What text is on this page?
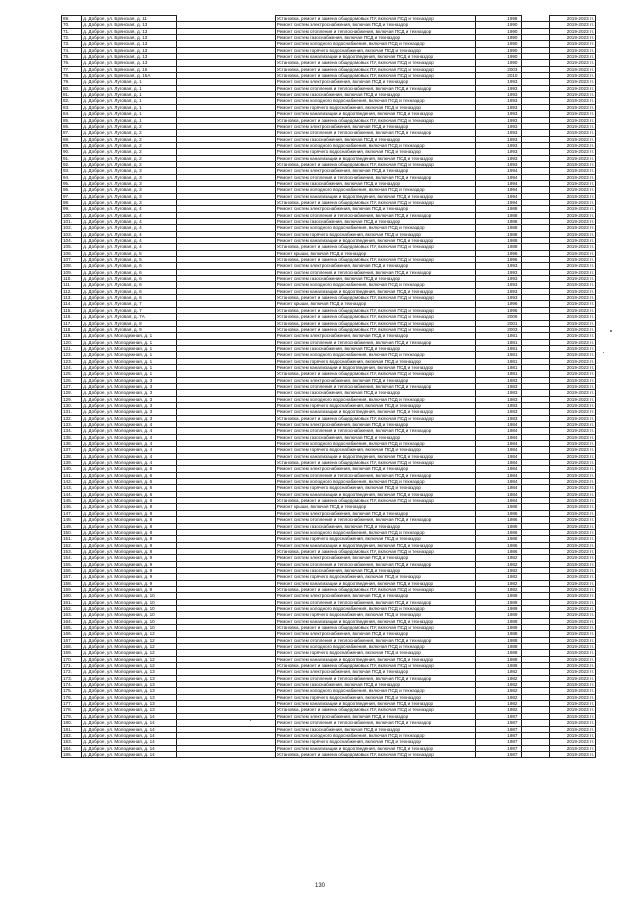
69.	д. Доброе, ул. Брянская, д. 11		Установка, ремонт и замена общедомовых ПУ, включая ПСД и техназдор	1998		2019-2023 гг.
70.	д. Доброе, ул. Брянская, д. 13		Ремонт систем электроснабжения, включая ПСД и техназдор	1990		2019-2023 гг.
71.	д. Доброе, ул. Брянская, д. 13		Ремонт систем отопления и теплоснабжения, включая ПСД и техназдор	1990		2019-2023 гг.
72.	д. Доброе, ул. Брянская, д. 13		Ремонт систем газоснабжения, включая ПСД и техназдор	1990		2019-2023 гг.
73.	д. Доброе, ул. Брянская, д. 13		Ремонт систем холодного водоснабжения, включая ПСД и техназдор	1990		2019-2023 гг.
74.	д. Доброе, ул. Брянская, д. 13		Ремонт систем горячего водоснабжения, включая ПСД и техназдор	1990		2019-2023 гг.
75.	д. Доброе, ул. Брянская, д. 13		Ремонт систем канализации и водоотведения, включая ПСД и техназдор	1990		2019-2023 гг.
76.	д. Доброе, ул. Брянская, д. 13		Установка, ремонт и замена общедомовых ПУ, включая ПСД и техназдор	1990		2019-2023 гг.
77.	д. Доброе, ул. Брянская, д. 15		Установка, ремонт и замена общедомовых ПУ, включая ПСД и техназдор	2003		2019-2023 гг.
78.	д. Доброе, ул. Брянская, д. 15А		Установка, ремонт и замена общедомовых ПУ, включая ПСД и техназдор	2010		2019-2023 гг.
79.	д. Доброе, ул. Луговая, д. 1		Ремонт систем электроснабжения, включая ПСД и техназдор	1993		2019-2023 гг.
80.	д. Доброе, ул. Луговая, д. 1		Ремонт систем отопления и теплоснабжения, включая ПСД и техназдор	1993		2019-2023 гг.
81.	д. Доброе, ул. Луговая, д. 1		Ремонт систем газоснабжения, включая ПСД и техназдор	1993		2019-2023 гг.
82.	д. Доброе, ул. Луговая, д. 1		Ремонт систем холодного водоснабжения, включая ПСД и техназдор	1993		2019-2023 гг.
83.	д. Доброе, ул. Луговая, д. 1		Ремонт систем горячего водоснабжения, включая ПСД и техназдор	1993		2019-2023 гг.
84.	д. Доброе, ул. Луговая, д. 1		Ремонт систем канализации и водоотведения, включая ПСД и техназдор	1993		2019-2023 гг.
85.	д. Доброе, ул. Луговая, д. 1		Установка, ремонт и замена общедомовых ПУ, включая ПСД и техназдор	1993		2019-2023 гг.
86.	д. Доброе, ул. Луговая, д. 2		Ремонт систем электроснабжения, включая ПСД и техназдор	1993		2019-2023 гг.
87.	д. Доброе, ул. Луговая, д. 2		Ремонт систем отопления и теплоснабжения, включая ПСД и техназдор	1993		2019-2023 гг.
88.	д. Доброе, ул. Луговая, д. 2		Ремонт систем газоснабжения, включая ПСД и техназдор	1993		2019-2023 гг.
89.	д. Доброе, ул. Луговая, д. 2		Ремонт систем холодного водоснабжения, включая ПСД и техназдор	1993		2019-2023 гг.
90.	д. Доброе, ул. Луговая, д. 2		Ремонт систем горячего водоснабжения, включая ПСД и техназдор	1993		2019-2023 гг.
91.	д. Доброе, ул. Луговая, д. 2		Ремонт систем канализации и водоотведения, включая ПСД и техназдор	1993		2019-2023 гг.
92.	д. Доброе, ул. Луговая, д. 2		Установка, ремонт и замена общедомовых ПУ, включая ПСД и техназдор	1993		2019-2023 гг.
93.	д. Доброе, ул. Луговая, д. 3		Ремонт систем электроснабжения, включая ПСД и техназдор	1994		2019-2023 гг.
94.	д. Доброе, ул. Луговая, д. 3		Ремонт систем отопления и теплоснабжения, включая ПСД и техназдор	1994		2019-2023 гг.
95.	д. Доброе, ул. Луговая, д. 3		Ремонт систем газоснабжения, включая ПСД и техназдор	1994		2019-2023 гг.
96.	д. Доброе, ул. Луговая, д. 3		Ремонт систем холодного водоснабжения, включая ПСД и техназдор	1994		2019-2023 гг.
97.	д. Доброе, ул. Луговая, д. 3		Ремонт систем канализации и водоотведения, включая ПСД и техназдор	1994		2019-2023 гг.
98.	д. Доброе, ул. Луговая, д. 3		Установка, ремонт и замена общедомовых ПУ, включая ПСД и техназдор	1994		2019-2023 гг.
99.	д. Доброе, ул. Луговая, д. 4		Ремонт систем электроснабжения, включая ПСД и техназдор	1988		2019-2023 гг.
100.	д. Доброе, ул. Луговая, д. 4		Ремонт систем отопления и теплоснабжения, включая ПСД и техназдор	1988		2019-2023 гг.
101.	д. Доброе, ул. Луговая, д. 4		Ремонт систем газоснабжения, включая ПСД и техназдор	1988		2019-2023 гг.
102.	д. Доброе, ул. Луговая, д. 4		Ремонт систем холодного водоснабжения, включая ПСД и техназдор	1988		2019-2023 гг.
103.	д. Доброе, ул. Луговая, д. 4		Ремонт систем горячего водоснабжения, включая ПСД и техназдор	1988		2019-2023 гг.
104.	д. Доброе, ул. Луговая, д. 4		Ремонт систем канализации и водоотведения, включая ПСД и техназдор	1988		2019-2023 гг.
105.	д. Доброе, ул. Луговая, д. 4		Установка, ремонт и замена общедомовых ПУ, включая ПСД и техназдор	1988		2019-2023 гг.
106.	д. Доброе, ул. Луговая, д. 5		Ремонт крыши, включая ПСД и техназдор	1996		2019-2023 гг.
107.	д. Доброе, ул. Луговая, д. 5		Установка, ремонт и замена общедомовых ПУ, включая ПСД и техназдор	1996		2019-2023 гг.
108.	д. Доброе, ул. Луговая, д. 6		Ремонт систем электроснабжения, включая ПСД и техназдор	1993		2019-2023 гг.
109.	д. Доброе, ул. Луговая, д. 6		Ремонт систем отопления и теплоснабжения, включая ПСД и техназдор	1993		2019-2023 гг.
110.	д. Доброе, ул. Луговая, д. 6		Ремонт систем газоснабжения, включая ПСД и техназдор	1993		2019-2023 гг.
111.	д. Доброе, ул. Луговая, д. 6		Ремонт систем холодного водоснабжения, включая ПСД и техназдор	1993		2019-2023 гг.
112.	д. Доброе, ул. Луговая, д. 6		Ремонт систем канализации и водоотведения, включая ПСД и техназдор	1993		2019-2023 гг.
113.	д. Доброе, ул. Луговая, д. 6		Установка, ремонт и замена общедомовых ПУ, включая ПСД и техназдор	1993		2019-2023 гг.
114.	д. Доброе, ул. Луговая, д. 7		Ремонт крыши, включая ПСД и техназдор	1996		2019-2023 гг.
115.	д. Доброе, ул. Луговая, д. 7		Установка, ремонт и замена общедомовых ПУ, включая ПСД и техназдор	1996		2019-2023 гг.
116.	д. Доброе, ул. Луговая, д. 7А		Установка, ремонт и замена общедомовых ПУ, включая ПСД и техназдор	2006		2019-2023 гг.
117.	д. Доброе, ул. Луговая, д. 8		Установка, ремонт и замена общедомовых ПУ, включая ПСД и техназдор	2001		2019-2023 гг.
118.	д. Доброе, ул. Луговая, д. 9		Установка, ремонт и замена общедомовых ПУ, включая ПСД и техназдор	2003		2019-2023 гг.
119.	д. Доброе, ул. Молодежная, д. 1		Ремонт систем электроснабжения, включая ПСД и техназдор	1981		2019-2023 гг.
120.	д. Доброе, ул. Молодежная, д. 1		Ремонт систем отопления и теплоснабжения, включая ПСД и техназдор	1981		2019-2023 гг.
121.	д. Доброе, ул. Молодежная, д. 1		Ремонт систем газоснабжения, включая ПСД и техназдор	1981		2019-2023 гг.
122.	д. Доброе, ул. Молодежная, д. 1		Ремонт систем холодного водоснабжения, включая ПСД и техназдор	1981		2019-2023 гг.
123.	д. Доброе, ул. Молодежная, д. 1		Ремонт систем горячего водоснабжения, включая ПСД и техназдор	1981		2019-2023 гг.
124.	д. Доброе, ул. Молодежная, д. 1		Ремонт систем канализации и водоотведения, включая ПСД и техназдор	1981		2019-2023 гг.
125.	д. Доброе, ул. Молодежная, д. 1		Установка, ремонт и замена общедомовых ПУ, включая ПСД и техназдор	1981		2019-2023 гг.
126.	д. Доброе, ул. Молодежная, д. 3		Ремонт систем электроснабжения, включая ПСД и техназдор	1983		2019-2023 гг.
127.	д. Доброе, ул. Молодежная, д. 3		Ремонт систем отопления и теплоснабжения, включая ПСД и техназдор	1983		2019-2023 гг.
128.	д. Доброе, ул. Молодежная, д. 3		Ремонт систем газоснабжения, включая ПСД и техназдор	1983		2019-2023 гг.
129.	д. Доброе, ул. Молодежная, д. 3		Ремонт систем холодного водоснабжения, включая ПСД и техназдор	1983		2019-2023 гг.
130.	д. Доброе, ул. Молодежная, д. 3		Ремонт систем горячего водоснабжения, включая ПСД и техназдор	1983		2019-2023 гг.
131.	д. Доброе, ул. Молодежная, д. 3		Ремонт систем канализации и водоотведения, включая ПСД и техназдор	1983		2019-2023 гг.
132.	д. Доброе, ул. Молодежная, д. 3		Установка, ремонт и замена общедомовых ПУ, включая ПСД и техназдор	1983		2019-2023 гг.
133.	д. Доброе, ул. Молодежная, д. 4		Ремонт систем электроснабжения, включая ПСД и техназдор	1984		2019-2023 гг.
134.	д. Доброе, ул. Молодежная, д. 4		Ремонт систем отопления и теплоснабжения, включая ПСД и техназдор	1984		2019-2023 гг.
135.	д. Доброе, ул. Молодежная, д. 4		Ремонт систем газоснабжения, включая ПСД и техназдор	1984		2019-2023 гг.
136.	д. Доброе, ул. Молодежная, д. 4		Ремонт систем холодного водоснабжения, включая ПСД и техназдор	1984		2019-2023 гг.
137.	д. Доброе, ул. Молодежная, д. 4		Ремонт систем горячего водоснабжения, включая ПСД и техназдор	1984		2019-2023 гг.
138.	д. Доброе, ул. Молодежная, д. 4		Ремонт систем канализации и водоотведения, включая ПСД и техназдор	1984		2019-2023 гг.
139.	д. Доброе, ул. Молодежная, д. 4		Установка, ремонт и замена общедомовых ПУ, включая ПСД и техназдор	1984		2019-2023 гг.
140.	д. Доброе, ул. Молодежная, д. 6		Ремонт систем электроснабжения, включая ПСД и техназдор	1984		2019-2023 гг.
141.	д. Доброе, ул. Молодежная, д. 6		Ремонт систем отопления и теплоснабжения, включая ПСД и техназдор	1984		2019-2023 гг.
142.	д. Доброе, ул. Молодежная, д. 6		Ремонт систем холодного водоснабжения, включая ПСД и техназдор	1984		2019-2023 гг.
143.	д. Доброе, ул. Молодежная, д. 6		Ремонт систем горячего водоснабжения, включая ПСД и техназдор	1984		2019-2023 гг.
144.	д. Доброе, ул. Молодежная, д. 6		Ремонт систем канализации и водоотведения, включая ПСД и техназдор	1984		2019-2023 гг.
145.	д. Доброе, ул. Молодежная, д. 6		Установка, ремонт и замена общедомовых ПУ, включая ПСД и техназдор	1984		2019-2023 гг.
146.	д. Доброе, ул. Молодежная, д. 8		Ремонт крыши, включая ПСД и техназдор	1986		2019-2023 гг.
147.	д. Доброе, ул. Молодежная, д. 8		Ремонт систем электроснабжения, включая ПСД и техназдор	1986		2019-2023 гг.
148.	д. Доброе, ул. Молодежная, д. 8		Ремонт систем отопления и теплоснабжения, включая ПСД и техназдор	1986		2019-2023 гг.
149.	д. Доброе, ул. Молодежная, д. 8		Ремонт систем газоснабжения, включая ПСД и техназдор	1986		2019-2023 гг.
150.	д. Доброе, ул. Молодежная, д. 8		Ремонт систем холодного водоснабжения, включая ПСД и техназдор	1986		2019-2023 гг.
151.	д. Доброе, ул. Молодежная, д. 8		Ремонт систем горячего водоснабжения, включая ПСД и техназдор	1986		2019-2023 гг.
152.	д. Доброе, ул. Молодежная, д. 8		Ремонт систем канализации и водоотведения, включая ПСД и техназдор	1986		2019-2023 гг.
153.	д. Доброе, ул. Молодежная, д. 8		Установка, ремонт и замена общедомовых ПУ, включая ПСД и техназдор	1986		2019-2023 гг.
154.	д. Доброе, ул. Молодежная, д. 9		Ремонт систем электроснабжения, включая ПСД и техназдор	1982		2019-2023 гг.
155.	д. Доброе, ул. Молодежная, д. 9		Ремонт систем отопления и теплоснабжения, включая ПСД и техназдор	1982		2019-2023 гг.
156.	д. Доброе, ул. Молодежная, д. 9		Ремонт систем газоснабжения, включая ПСД и техназдор	1982		2019-2023 гг.
157.	д. Доброе, ул. Молодежная, д. 9		Ремонт систем горячего водоснабжения, включая ПСД и техназдор	1982		2019-2023 гг.
158.	д. Доброе, ул. Молодежная, д. 9		Ремонт систем канализации и водоотведения, включая ПСД и техназдор	1982		2019-2023 гг.
159.	д. Доброе, ул. Молодежная, д. 9		Установка, ремонт и замена общедомовых ПУ, включая ПСД и техназдор	1982		2019-2023 гг.
160.	д. Доброе, ул. Молодежная, д. 10		Ремонт систем электроснабжения, включая ПСД и техназдор	1989		2019-2023 гг.
161.	д. Доброе, ул. Молодежная, д. 10		Ремонт систем отопления и теплоснабжения, включая ПСД и техназдор	1989		2019-2023 гг.
162.	д. Доброе, ул. Молодежная, д. 10		Ремонт систем холодного водоснабжения, включая ПСД и техназдор	1989		2019-2023 гг.
163.	д. Доброе, ул. Молодежная, д. 10		Ремонт систем горячего водоснабжения, включая ПСД и техназдор	1989		2019-2023 гг.
164.	д. Доброе, ул. Молодежная, д. 10		Ремонт систем канализации и водоотведения, включая ПСД и техназдор	1989		2019-2023 гг.
165.	д. Доброе, ул. Молодежная, д. 10		Установка, ремонт и замена общедомовых ПУ, включая ПСД и техназдор	1989		2019-2023 гг.
166.	д. Доброе, ул. Молодежная, д. 12		Ремонт систем электроснабжения, включая ПСД и техназдор	1988		2019-2023 гг.
167.	д. Доброе, ул. Молодежная, д. 12		Ремонт систем отопления и теплоснабжения, включая ПСД и техназдор	1988		2019-2023 гг.
168.	д. Доброе, ул. Молодежная, д. 12		Ремонт систем холодного водоснабжения, включая ПСД и техназдор	1988		2019-2023 гг.
169.	д. Доброе, ул. Молодежная, д. 12		Ремонт систем горячего водоснабжения, включая ПСД и техназдор	1988		2019-2023 гг.
170.	д. Доброе, ул. Молодежная, д. 12		Ремонт систем канализации и водоотведения, включая ПСД и техназдор	1988		2019-2023 гг.
171.	д. Доброе, ул. Молодежная, д. 12		Установка, ремонт и замена общедомовых ПУ, включая ПСД и техназдор	1988		2019-2023 гг.
172.	д. Доброе, ул. Молодежная, д. 13		Ремонт систем электроснабжения, включая ПСД и техназдор	1982		2019-2023 гг.
173.	д. Доброе, ул. Молодежная, д. 13		Ремонт систем отопления и теплоснабжения, включая ПСД и техназдор	1982		2019-2023 гг.
174.	д. Доброе, ул. Молодежная, д. 13		Ремонт систем газоснабжения, включая ПСД и техназдор	1982		2019-2023 гг.
175.	д. Доброе, ул. Молодежная, д. 13		Ремонт систем холодного водоснабжения, включая ПСД и техназдор	1982		2019-2023 гг.
176.	д. Доброе, ул. Молодежная, д. 13		Ремонт систем горячего водоснабжения, включая ПСД и техназдор	1982		2019-2023 гг.
177.	д. Доброе, ул. Молодежная, д. 13		Ремонт систем канализации и водоотведения, включая ПСД и техназдор	1982		2019-2023 гг.
178.	д. Доброе, ул. Молодежная, д. 13		Установка, ремонт и замена общедомовых ПУ, включая ПСД и техназдор	1982		2019-2023 гг.
179.	д. Доброе, ул. Молодежная, д. 14		Ремонт систем электроснабжения, включая ПСД и техназдор	1987		2019-2023 гг.
180.	д. Доброе, ул. Молодежная, д. 14		Ремонт систем отопления и теплоснабжения, включая ПСД и техназдор	1987		2019-2023 гг.
181.	д. Доброе, ул. Молодежная, д. 14		Ремонт систем газоснабжения, включая ПСД и техназдор	1987		2019-2023 гг.
182.	д. Доброе, ул. Молодежная, д. 14		Ремонт систем холодного водоснабжения, включая ПСД и техназдор	1987		2019-2023 гг.
183.	д. Доброе, ул. Молодежная, д. 14		Ремонт систем горячего водоснабжения, включая ПСД и техназдор	1987		2019-2023 гг.
184.	д. Доброе, ул. Молодежная, д. 14		Ремонт систем канализации и водоотведения, включая ПСД и техназдор	1987		2019-2023 гг.
185.	д. Доброе, ул. Молодежная, д. 14		Установка, ремонт и замена общедомовых ПУ, включая ПСД и техназдор	1987		2019-2023 гг.
130
